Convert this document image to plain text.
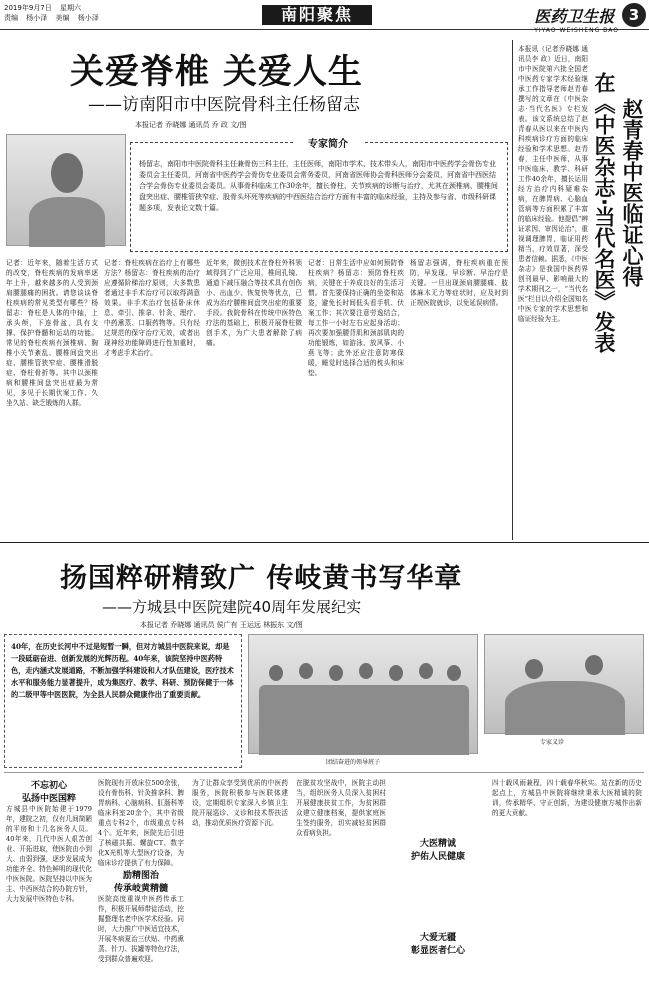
2019年9月7日 星期六
责编 杨小泽 美编 杨小泽	南阳聚焦	医药卫生报
YIYAO WEISHENG BAO
3
关爱脊椎 关爱人生
——访南阳市中医院骨科主任杨留志
本报记者 乔晓娜 通讯员 乔 政 文/图
专家简介
杨留志，南阳市中医院骨科主任兼骨伤三科主任，主任医师，南阳市学术、技术带头人，南阳市中医药学会骨伤专业委员会主任委员，河南省中医药学会骨伤专业委员会常务委员，河南省医师协会骨科医师分会委员，河南省中西医结合学会骨伤专业委员会委员。从事骨科临床工作30余年，擅长脊柱、关节疾病的诊断与治疗，尤其在颈椎病、腰椎间盘突出症、腰椎管狭窄症、股骨头坏死等疾病的中西医结合治疗方面有丰富的临床经验，主持及参与省、市级科研课题多项，发表论文数十篇。
记者：近年来，随着生活方式的改变，脊柱疾病的发病率逐年上升，越来越多的人受到颈肩腰腿痛的困扰。请您谈谈脊柱疾病的常见类型有哪些？杨留志：脊柱是人体的中轴，上承头颅，下连骨盆，具有支撑、保护脊髓和运动的功能。常见的脊柱疾病有颈椎病、胸椎小关节紊乱、腰椎间盘突出症、腰椎管狭窄症、腰椎滑脱症、脊柱骨折等。其中以颈椎病和腰椎间盘突出症最为常见，多见于长期伏案工作、久坐久站、缺乏锻炼的人群。
记者：脊柱疾病在治疗上有哪些方法？杨留志：脊柱疾病的治疗应遵循阶梯治疗原则，大多数患者通过非手术治疗可以取得满意效果。非手术治疗包括卧床休息、牵引、推拿、针灸、理疗、中药熏蒸、口服药物等。只有经过规范的保守治疗无效，或者出现神经功能障碍进行性加重时，才考虑手术治疗。
近年来，微创技术在脊柱外科领域得到了广泛应用，椎间孔镜、通道下减压融合等技术具有创伤小、出血少、恢复快等优点，已成为治疗腰椎间盘突出症的重要手段。我院骨科在传统中医特色疗法的基础上，积极开展脊柱微创手术，为广大患者解除了病痛。
记者：日常生活中应如何预防脊柱疾病？杨留志：预防脊柱疾病，关键在于养成良好的生活习惯。首先要保持正确的坐姿和站姿，避免长时间低头看手机、伏案工作；其次要注意劳逸结合，每工作一小时左右应起身活动；再次要加强腰背肌和颈部肌肉的功能锻炼，如游泳、放风筝、小燕飞等；此外还应注意防寒保暖，睡觉时选择合适的枕头和床垫。
杨留志强调，脊柱疾病重在预防，早发现、早诊断、早治疗是关键。一旦出现颈肩腰腿痛、肢体麻木无力等症状时，应及时到正规医院就诊，以免延误病情。
本报讯（记者乔晓娜 通讯员李 政）近日，南阳市中医院第六批全国老中医药专家学术经验继承工作指导老师赵青春撰写的文章在《中医杂志·当代名医》专栏发表。该文系统总结了赵青春从医以来在中医内科疾病诊疗方面的临床经验和学术思想。赵青春，主任中医师，从事中医临床、教学、科研工作40余年，擅长运用经方治疗内科疑难杂病，在脾胃病、心脑血管病等方面积累了丰富的临床经验。他提倡“辨证求因、审因论治”，重视调理脾胃，临证用药精当，疗效显著，深受患者信赖。据悉，《中医杂志》是我国中医药界创刊最早、影响最大的学术期刊之一，“当代名医”栏目以介绍全国知名中医专家的学术思想和临证经验为主。
赵青春中医临证心得
在《中医杂志·当代名医》发表
扬国粹研精致广 传岐黄书写华章
——方城县中医院建院40周年发展纪实
本报记者 乔晓娜 通讯员 侯广有 王运远 林振东 文/图
40年，在历史长河中不过是短暂一瞬，但对方城县中医院来说，却是一段砥砺奋进、创新发展的光辉历程。40年来，该院坚持中医药特色，走内涵式发展道路，不断加强学科建设和人才队伍建设，医疗技术水平和服务能力显著提升，成为集医疗、教学、科研、预防保健于一体的二级甲等中医医院，为全县人民群众健康作出了重要贡献。
团结奋进的领导班子
专家义诊
不忘初心
弘扬中医国粹
方城县中医院始建于1979年，建院之初，仅有几间简陋的平房和十几名医务人员。40年来，几代中医人艰苦创业、开拓进取，使医院由小到大、由弱到强，逐步发展成为功能齐全、特色鲜明的现代化中医医院。医院坚持以中医为主、中西医结合的办院方针，大力发展中医特色专科。
励精图治
传承岐黄精髓
医院现有开放床位500余张，设有骨伤科、针灸推拿科、脾胃病科、心脑病科、肛肠科等临床科室20余个，其中省级重点专科2个，市级重点专科4个。近年来，医院先后引进了核磁共振、螺旋CT、数字化X光机等大型医疗设备，为临床诊疗提供了有力保障。
医院高度重视中医药传承工作，积极开展师带徒活动，挖掘整理名老中医学术经验。同时，大力推广中医适宜技术，开展冬病夏治三伏贴、中药熏蒸、针刀、拔罐等特色疗法，受到群众普遍欢迎。
为了让群众享受到优质的中医药服务，医院积极参与医联体建设，定期组织专家深入乡镇卫生院开展巡诊、义诊和技术帮扶活动，推动优质医疗资源下沉。
大医精诚
护佑人民健康
在脱贫攻坚战中，医院主动担当，组织医务人员深入贫困村开展健康扶贫工作，为贫困群众建立健康档案，提供家庭医生签约服务，切实减轻贫困群众看病负担。
大爱无疆
彰显医者仁心
四十载风雨兼程，四十载春华秋实。站在新的历史起点上，方城县中医院将继续秉承大医精诚的院训，传承精华、守正创新，为建设健康方城作出新的更大贡献。
